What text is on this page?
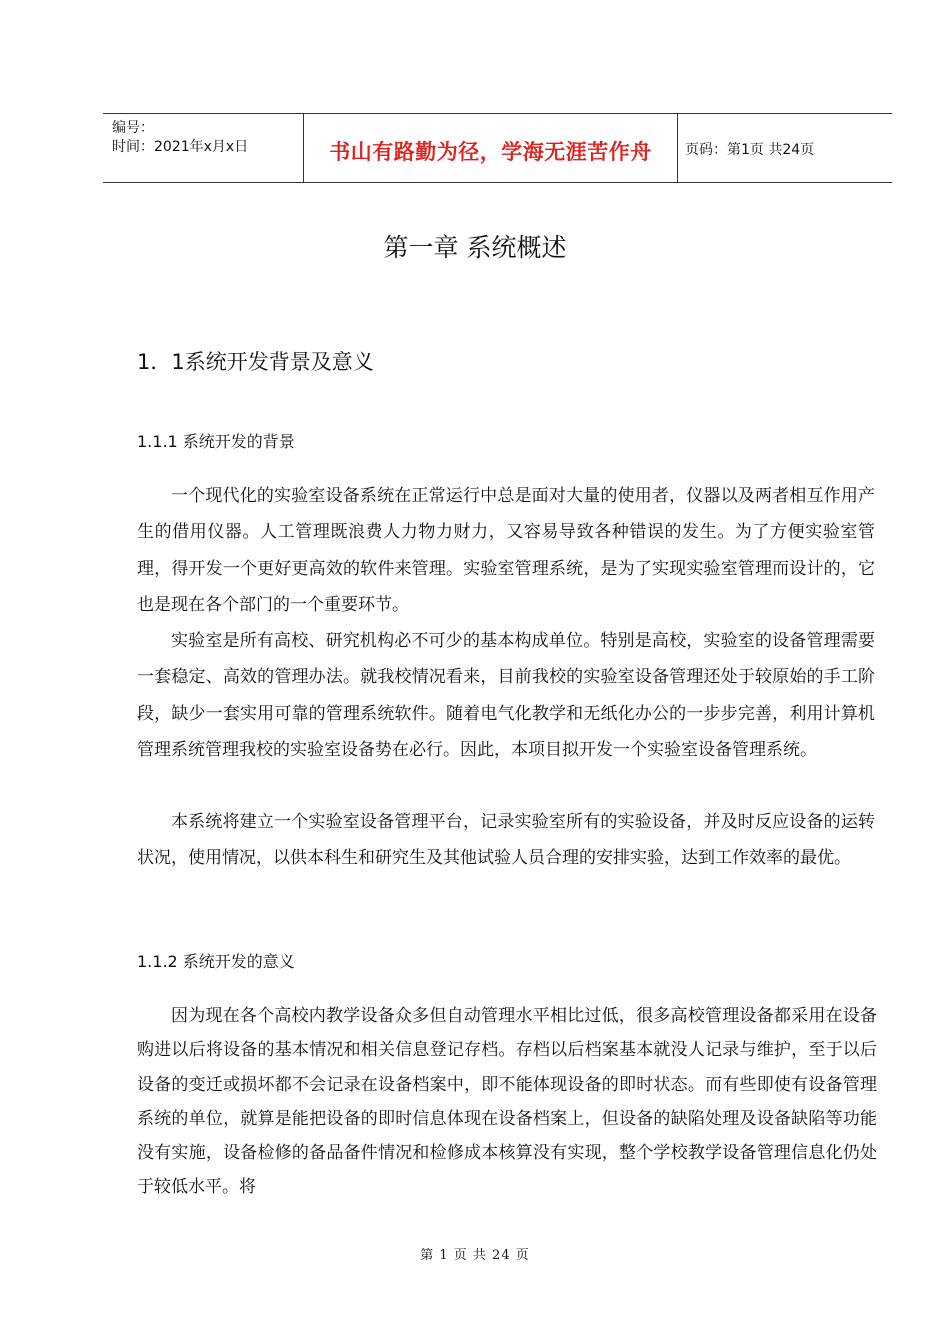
编号：
时间：2021年x月x日	书山有路勤为径，学海无涯苦作舟	页码：第1页 共24页
第一章 系统概述
1．1系统开发背景及意义
1.1.1 系统开发的背景

一个现代化的实验室设备系统在正常运行中总是面对大量的使用者，仪器以及两者相互作用产生的借用仪器。人工管理既浪费人力物力财力，又容易导致各种错误的发生。为了方便实验室管理，得开发一个更好更高效的软件来管理。实验室管理系统，是为了实现实验室管理而设计的，它也是现在各个部门的一个重要环节。

实验室是所有高校、研究机构必不可少的基本构成单位。特别是高校，实验室的设备管理需要一套稳定、高效的管理办法。就我校情况看来，目前我校的实验室设备管理还处于较原始的手工阶段，缺少一套实用可靠的管理系统软件。随着电气化教学和无纸化办公的一步步完善，利用计算机管理系统管理我校的实验室设备势在必行。因此，本项目拟开发一个实验室设备管理系统。

本系统将建立一个实验室设备管理平台，记录实验室所有的实验设备，并及时反应设备的运转状况，使用情况，以供本科生和研究生及其他试验人员合理的安排实验，达到工作效率的最优。

1.1.2 系统开发的意义

因为现在各个高校内教学设备众多但自动管理水平相比过低，很多高校管理设备都采用在设备购进以后将设备的基本情况和相关信息登记存档。存档以后档案基本就没人记录与维护，至于以后设备的变迁或损坏都不会记录在设备档案中，即不能体现设备的即时状态。而有些即使有设备管理系统的单位，就算是能把设备的即时信息体现在设备档案上，但设备的缺陷处理及设备缺陷等功能没有实施，设备检修的备品备件情况和检修成本核算没有实现，整个学校教学设备管理信息化仍处于较低水平。将

第 1 页 共 24 页
